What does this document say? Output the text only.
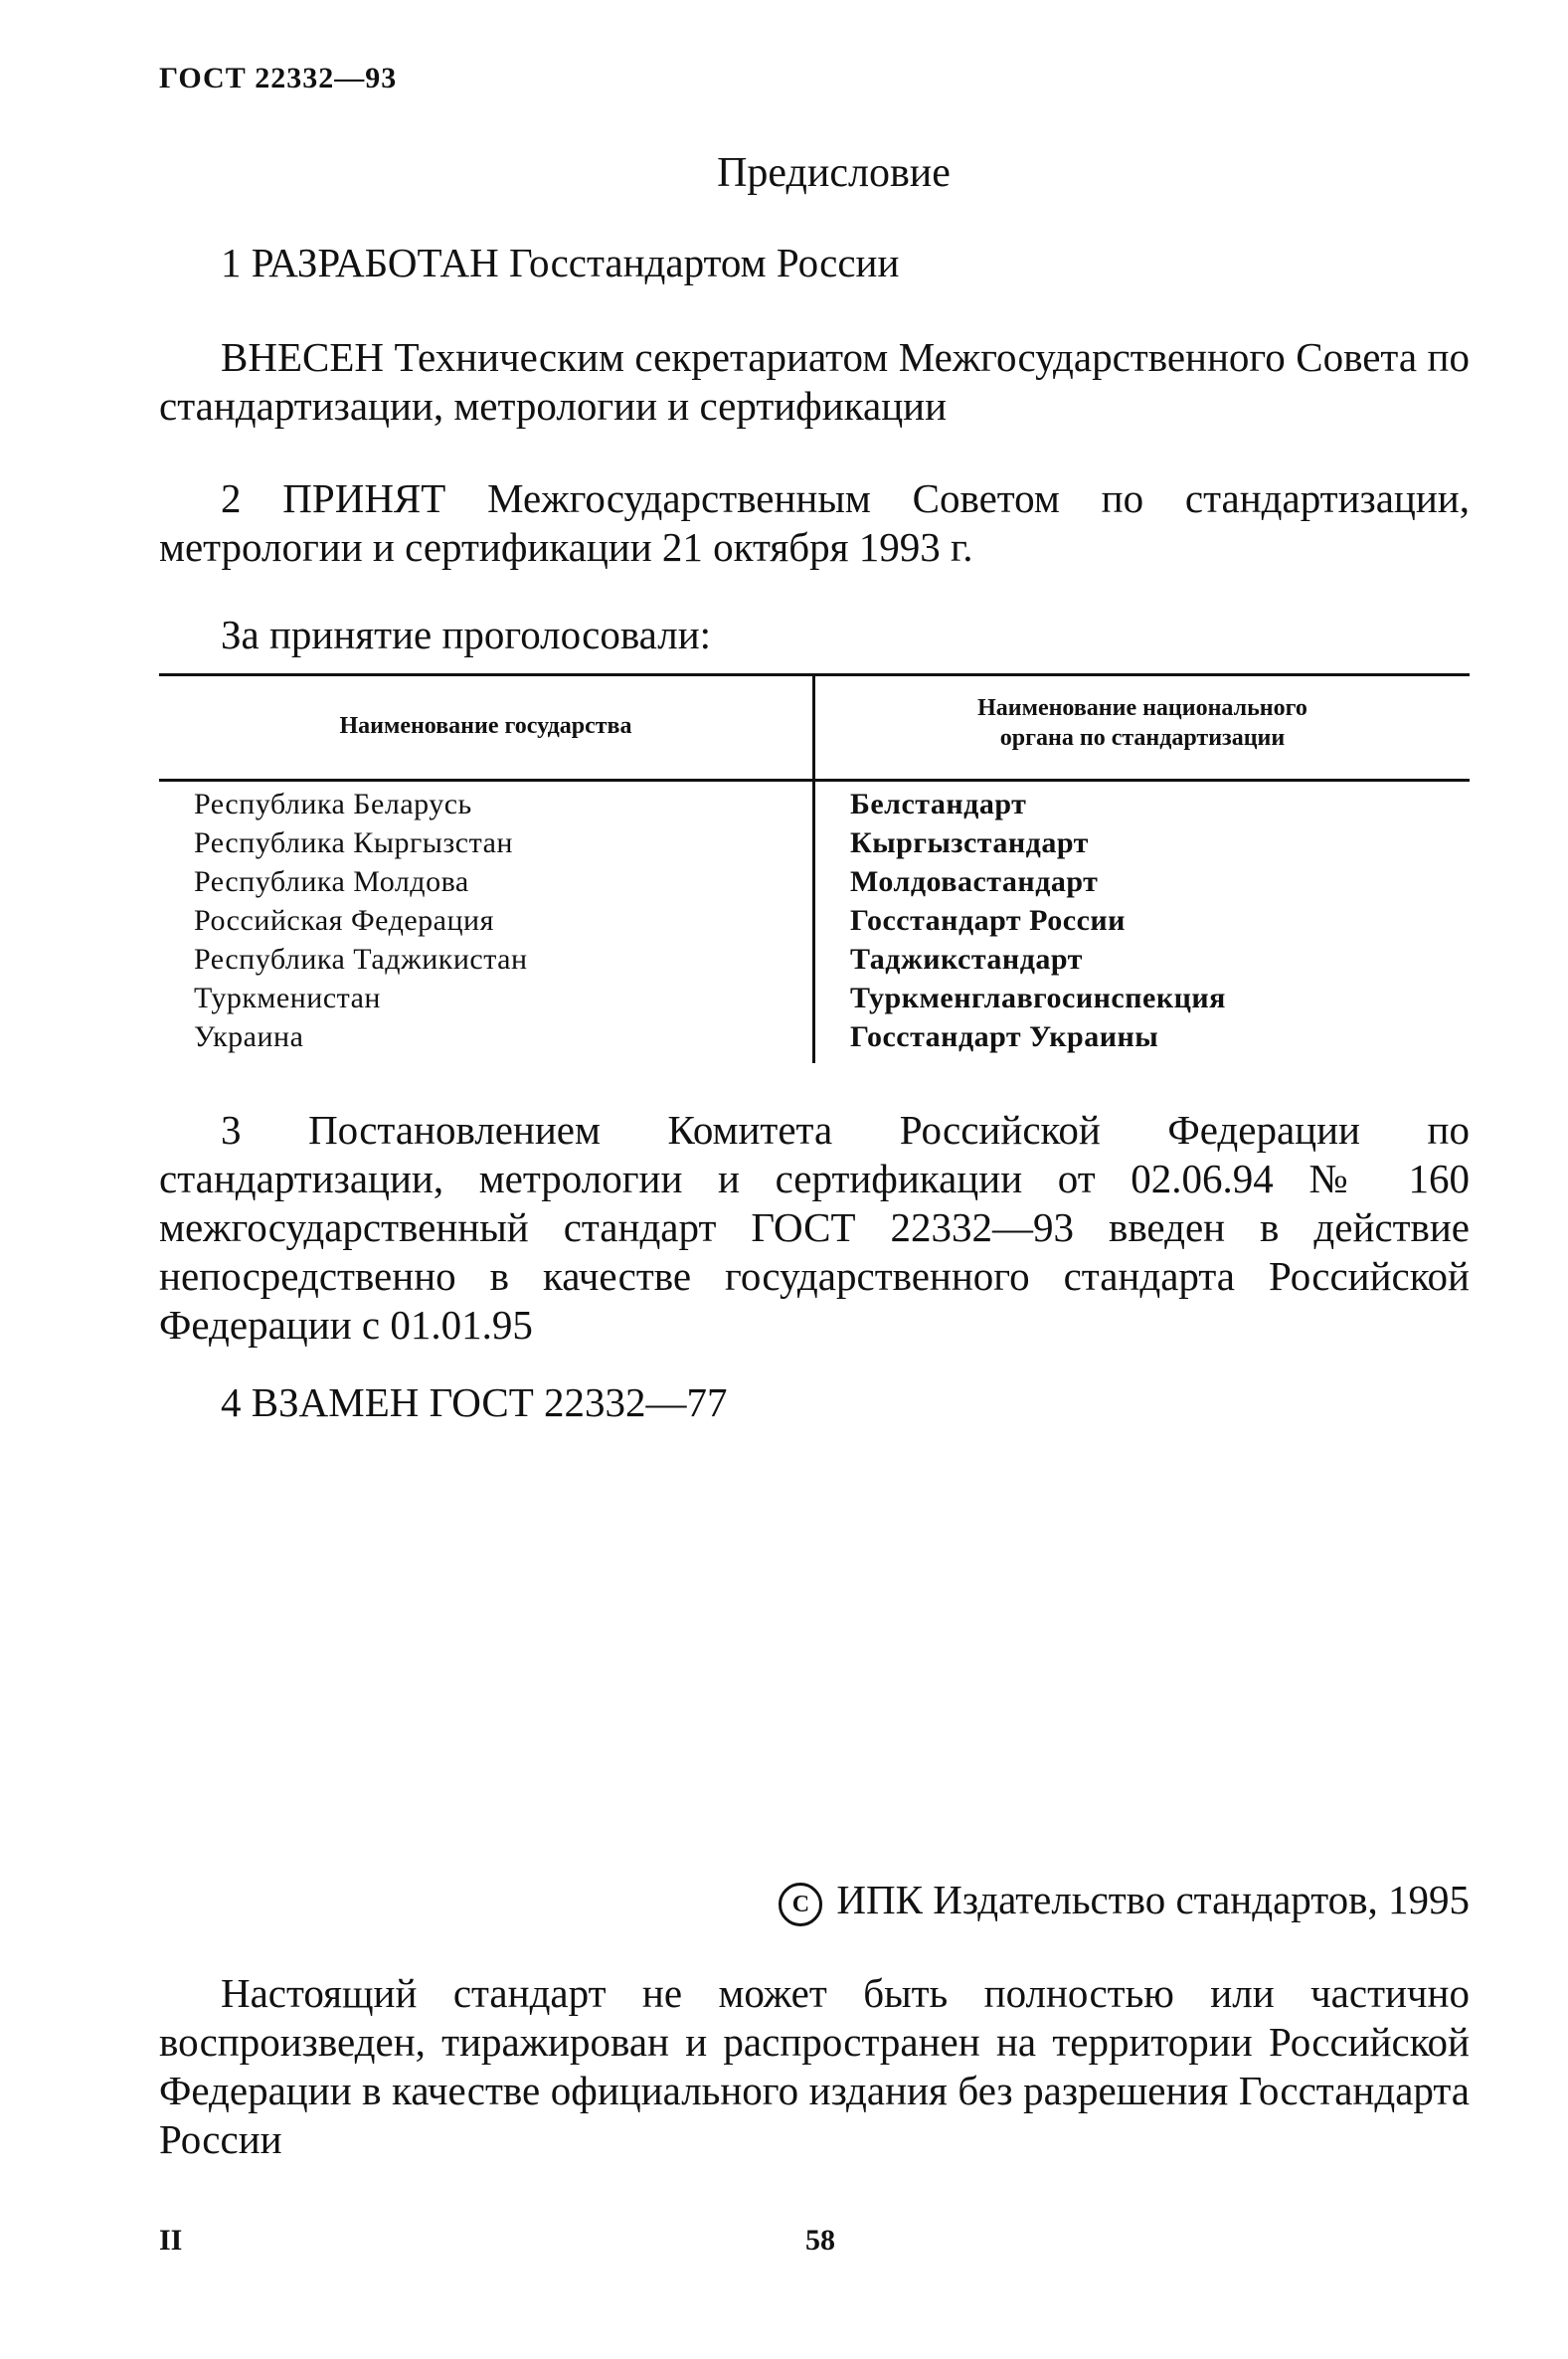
ГОСТ 22332—93
Предисловие

1 РАЗРАБОТАН Госстандартом России

ВНЕСЕН Техническим секретариатом Межгосударственного Совета по стандартизации, метрологии и сертификации

2 ПРИНЯТ Межгосударственным Советом по стандартизации, метрологии и сертификации 21 октября 1993 г.

За принятие проголосовали:

Наименование государства
Наименование национального
органа по стандартизации
Республика Беларусь
Республика Кыргызстан
Республика Молдова
Российская Федерация
Республика Таджикистан
Туркменистан
Украина
Белстандарт
Кыргызстандарт
Молдовастандарт
Госстандарт России
Таджикстандарт
Туркменглавгосинспекция
Госстандарт Украины

3 Постановлением Комитета Российской Федерации по стандартизации, метрологии и сертификации от 02.06.94 № 160 межгосударственный стандарт ГОСТ 22332—93 введен в действие непосредственно в качестве государственного стандарта Российской Федерации с 01.01.95

4 ВЗАМЕН ГОСТ 22332—77

C ИПК Издательство стандартов, 1995

Настоящий стандарт не может быть полностью или частично воспроизведен, тиражирован и распространен на территории Российской Федерации в качестве официального издания без разрешения Госстандарта России

II	58
